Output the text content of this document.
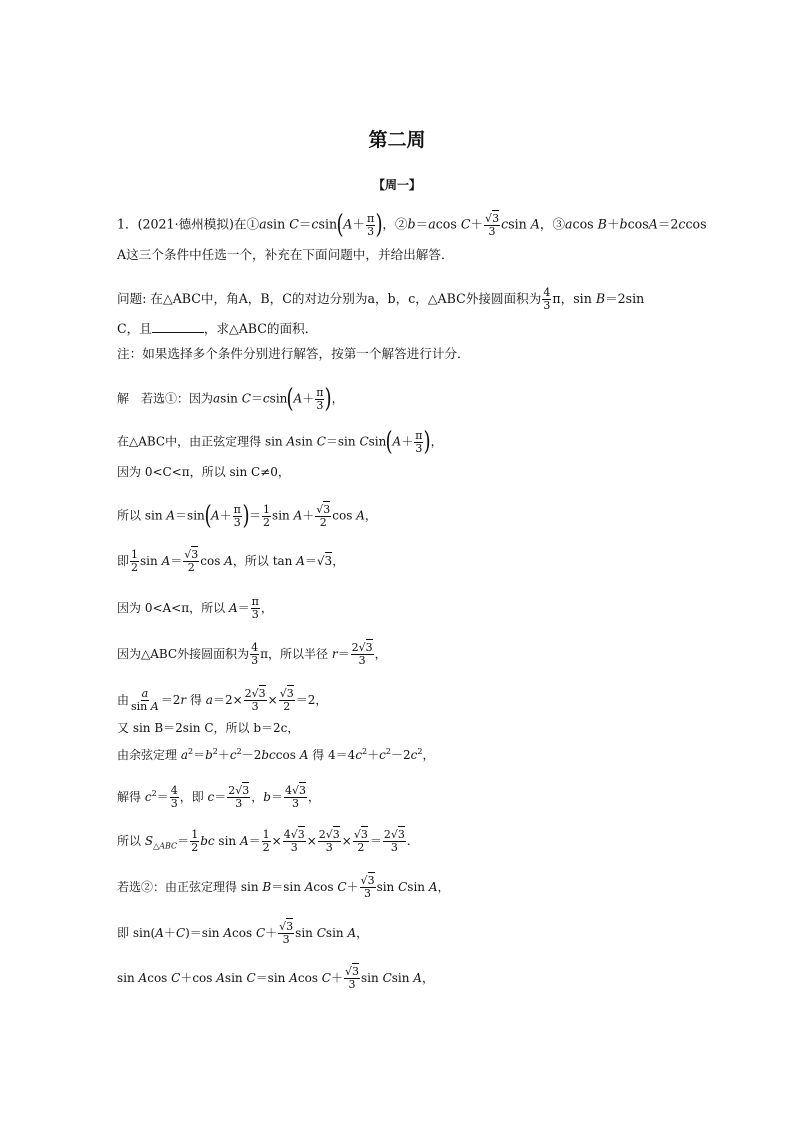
第二周
【周一】
1．(2021·德州模拟)在①asin $C=csin(A+ \frac{\pi}{3}$ )，②b＝acos $C+ \frac{√3}{3}$ csin A，③acos B＋bcosA＝2ccos
A这三个条件中任选一个，补充在下面问题中，并给出解答．
问题: 在△ABC中，角A，B，C的对边分别为a，b，c，△ABC外接圆面积为 $\frac{4}{3}$ π，sin B＝2sin
C，且	，求△ABC的面积．
注：如果选择多个条件分别进行解答，按第一个解答进行计分．
解　若选①：因为asin $C=csin(A+ \frac{\pi}{3}$ )，
在△ABC中，由正弦定理得 sin Asin C＝sin $Csin(A+ \frac{\pi}{3}$ )，
因为 0<C<π，所以 sin C≠0，
所以 $\sin A=\sin(A+ \frac{\pi}{3}$ )＝ $\frac{1}{2}$ $\sin A+ \frac{√3}{2}$ cos A，
即 $\frac{1}{2}$ $\sin A= \frac{√3}{2}$ cos A，所以 tan A＝√3，
因为 0<A<π，所以 $A= \frac{\pi}{3}$ ，
因为△ABC外接圆面积为 $\frac{4}{3}$ π，所以半径 $r= \frac{2√3}{3}$ ，
由 $\frac{a}{\text{sin A}} =2r$ 得 $a=2\times \frac{2√3}{3} \times \frac{√3}{2} =2$，
又 sin B＝2sin C，所以 b＝2c，
由余弦定理 $a^2=b^2+c^2-2bccos$ A 得 $4=4c^2+c^2-2c^2$，
解得 $c^2= \frac{4}{3}$ ，即 $c= \frac{2√3}{3}$ ，$b= \frac{4√3}{3}$ ，
所以 $S_{\triangle ABC}= \frac{1}{2}$ bc $\sin A= \frac{1}{2} \times \frac{4√3}{3} \times \frac{2√3}{3} \times \frac{√3}{2} = \frac{2√3}{3}$ .
若选②：由正弦定理得 sin B＝sin Acos $C+ \frac{√3}{3}$ sin Csin A，
即 sin(A＋C)＝sin Acos $C+ \frac{√3}{3}$ sin Csin A，
sin Acos C＋cos Asin C＝sin Acos $C+ \frac{√3}{3}$ sin Csin A，
